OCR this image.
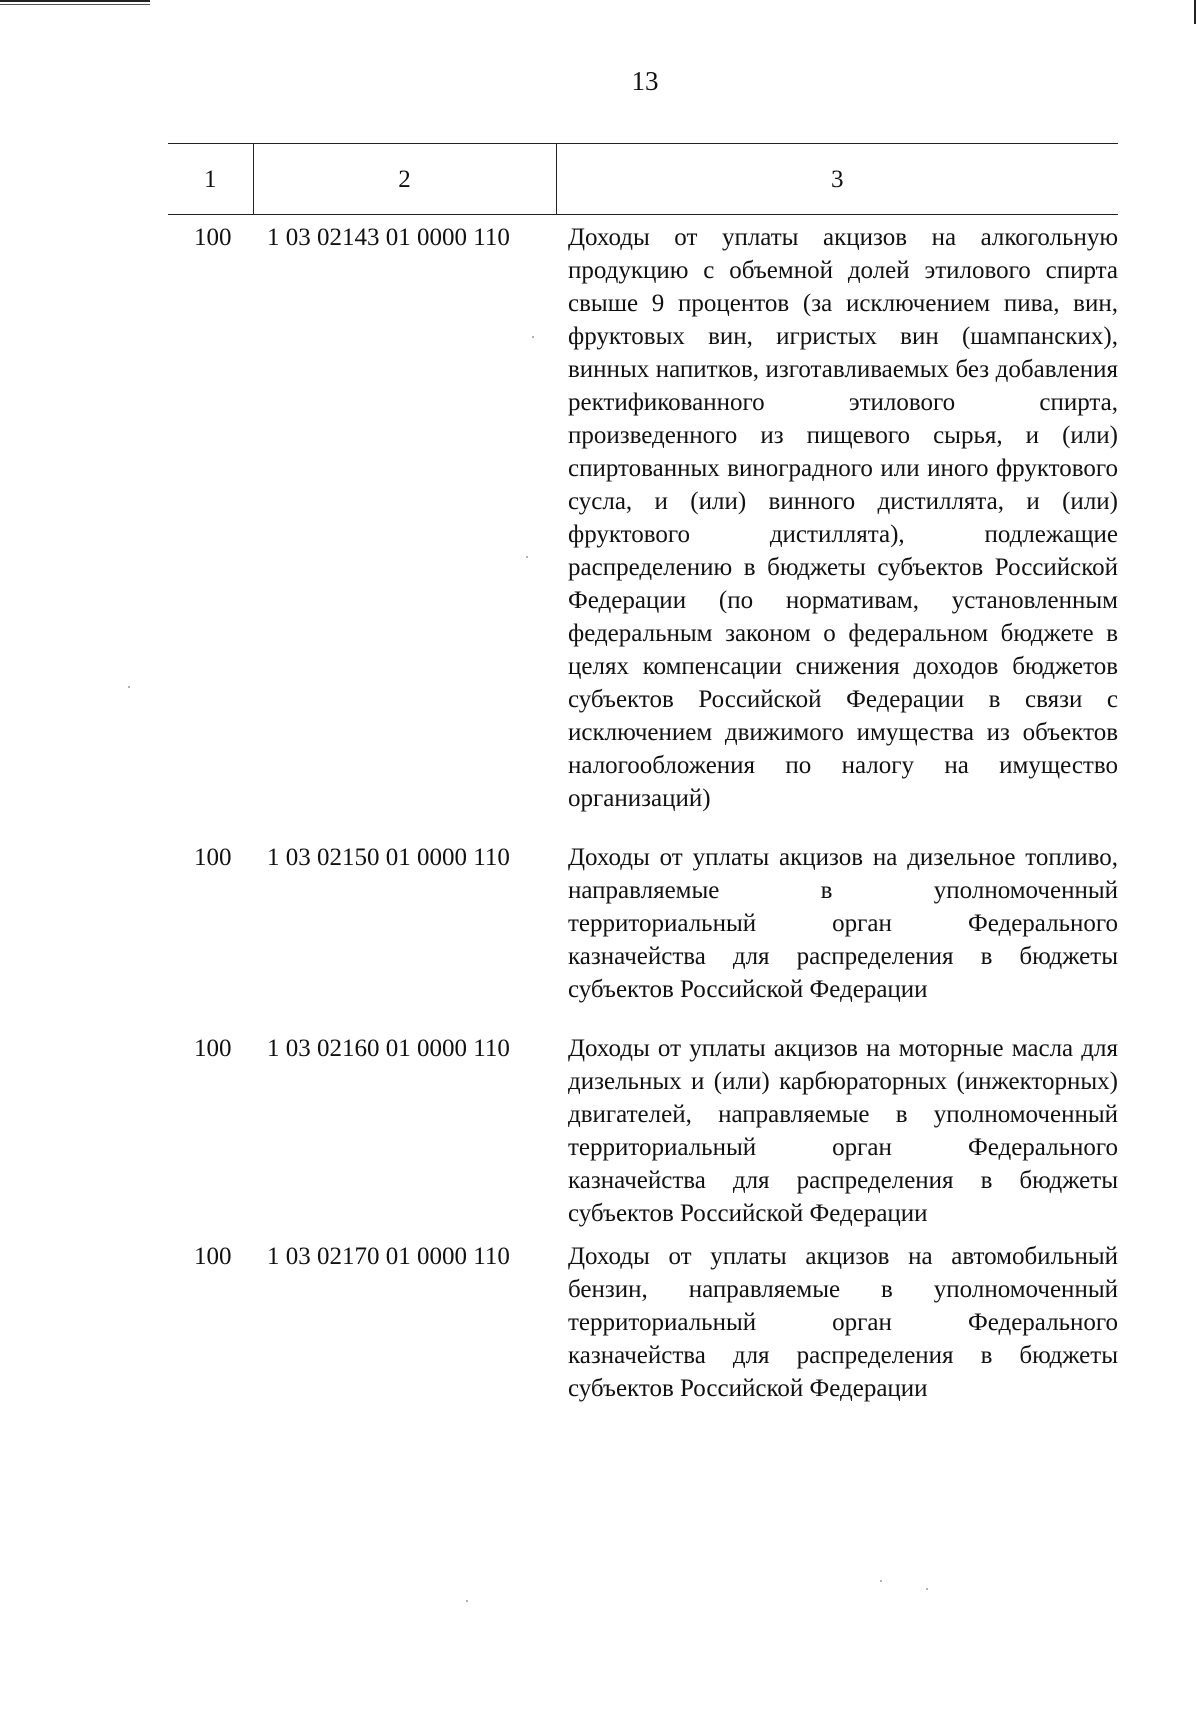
13
1	2	3
100	1 03 02143 01 0000 110	Доходы от уплаты акцизов на алкогольную продукцию с объемной долей этилового спирта свыше 9 процентов (за исключением пива, вин, фруктовых вин, игристых вин (шампанских), винных напитков, изготавливаемых без добавления ректификованного этилового спирта, произведенного из пищевого сырья, и (или) спиртованных виноградного или иного фруктового сусла, и (или) винного дистиллята, и (или) фруктового дистиллята), подлежащие распределению в бюджеты субъектов Российской Федерации (по нормативам, установленным федеральным законом о федеральном бюджете в целях компенсации снижения доходов бюджетов субъектов Российской Федерации в связи с исключением движимого имущества из объектов налогообложения по налогу на имущество организаций)
100	1 03 02150 01 0000 110	Доходы от уплаты акцизов на дизельное топливо, направляемые в уполномоченный территориальный орган Федерального казначейства для распределения в бюджеты субъектов Российской Федерации
100	1 03 02160 01 0000 110	Доходы от уплаты акцизов на моторные масла для дизельных и (или) карбюраторных (инжекторных) двигателей, направляемые в уполномоченный территориальный орган Федерального казначейства для распределения в бюджеты субъектов Российской Федерации
100	1 03 02170 01 0000 110	Доходы от уплаты акцизов на автомобильный бензин, направляемые в уполномоченный территориальный орган Федерального казначейства для распределения в бюджеты субъектов Российской Федерации
